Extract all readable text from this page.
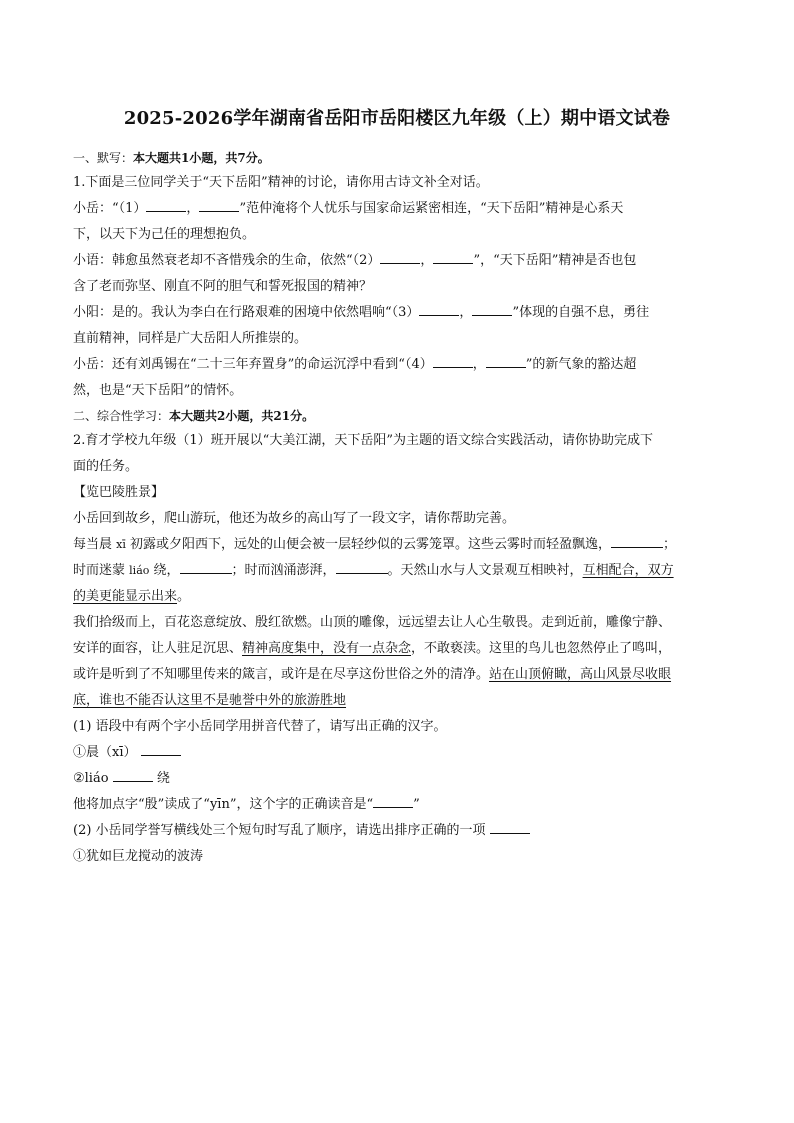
2025-2026学年湖南省岳阳市岳阳楼区九年级（上）期中语文试卷

一、默写：本大题共1小题，共7分。

1.下面是三位同学关于“天下岳阳”精神的讨论，请你用古诗文补全对话。

小岳：“（1）	，	”范仲淹将个人忧乐与国家命运紧密相连，“天下岳阳”精神是心系天

下，以天下为己任的理想抱负。

小语：韩愈虽然衰老却不吝惜残余的生命，依然“（2）	，	”，“天下岳阳”精神是否也包

含了老而弥坚、刚直不阿的胆气和誓死报国的精神？

小阳：是的。我认为李白在行路艰难的困境中依然唱响“（3）	，	”体现的自强不息，勇往

直前精神，同样是广大岳阳人所推崇的。

小岳：还有刘禹锡在“二十三年弃置身”的命运沉浮中看到“（4）	，	”的新气象的豁达超

然，也是“天下岳阳”的情怀。

二、综合性学习：本大题共2小题，共21分。

2.育才学校九年级（1）班开展以“大美江湖，天下岳阳”为主题的语文综合实践活动，请你协助完成下

面的任务。

【览巴陵胜景】

小岳回到故乡，爬山游玩，他还为故乡的高山写了一段文字，请你帮助完善。

每当晨 xī 初露或夕阳西下，远处的山便会被一层轻纱似的云雾笼罩。这些云雾时而轻盈飘逸，	；

时而迷蒙 liáo 绕，	；时而汹涌澎湃，	。天然山水与人文景观互相映衬，互相配合，双方

的美更能显示出来。

我们拾级而上，百花恣意绽放、殷红欲燃。山顶的雕像，远远望去让人心生敬畏。走到近前，雕像宁静、

安详的面容，让人驻足沉思、精神高度集中，没有一点杂念，不敢亵渎。这里的鸟儿也忽然停止了鸣叫，

或许是听到了不知哪里传来的箴言，或许是在尽享这份世俗之外的清净。站在山顶俯瞰，高山风景尽收眼

底，谁也不能否认这里不是驰誉中外的旅游胜地

(1) 语段中有两个字小岳同学用拼音代替了，请写出正确的汉字。

①晨（xī）

②liáo	绕

他将加点字“殷”读成了“yīn”，这个字的正确读音是“	”

(2) 小岳同学誉写横线处三个短句时写乱了顺序，请选出排序正确的一项

①犹如巨龙搅动的波涛
